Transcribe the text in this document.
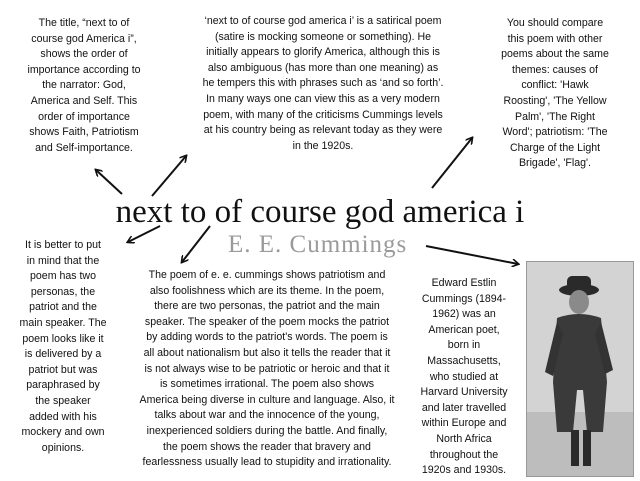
The title, “next to of
course god America i”,
shows the order of
importance according to
the narrator: God,
America and Self. This
order of importance
shows Faith, Patriotism
and Self-importance.
‘next to of course god america i’ is a satirical poem
(satire is mocking someone or something). He
initially appears to glorify America, although this is
also ambiguous (has more than one meaning) as
he tempers this with phrases such as ‘and so forth’.
In many ways one can view this as a very modern
poem, with many of the criticisms Cummings levels
at his country being as relevant today as they were
in the 1920s.
You should compare
this poem with other
poems about the same
themes: causes of
conflict: 'Hawk
Roosting', 'The Yellow
Palm', 'The Right
Word'; patriotism: 'The
Charge of the Light
Brigade', 'Flag'.
next to of course god america i
E. E. Cummings
It is better to put
in mind that the
poem has two
personas, the
patriot and the
main speaker. The
poem looks like it
is delivered by a
patriot but was
paraphrased by
the speaker
added with his
mockery and own
opinions.
The poem of e. e. cummings shows patriotism and
also foolishness which are its theme. In the poem,
there are two personas, the patriot and the main
speaker. The speaker of the poem mocks the patriot
by adding words to the patriot's words. The poem is
all about nationalism but also it tells the reader that it
is not always wise to be patriotic or heroic and that it
is sometimes irrational. The poem also shows
America being diverse in culture and language. Also, it
talks about war and the innocence of the young,
inexperienced soldiers during the battle. And finally,
the poem shows the reader that bravery and
fearlessness usually lead to stupidity and irrationality.
Edward Estlin
Cummings (1894-
1962) was an
American poet,
born in
Massachusetts,
who studied at
Harvard University
and later travelled
within Europe and
North Africa
throughout the
1920s and 1930s.
